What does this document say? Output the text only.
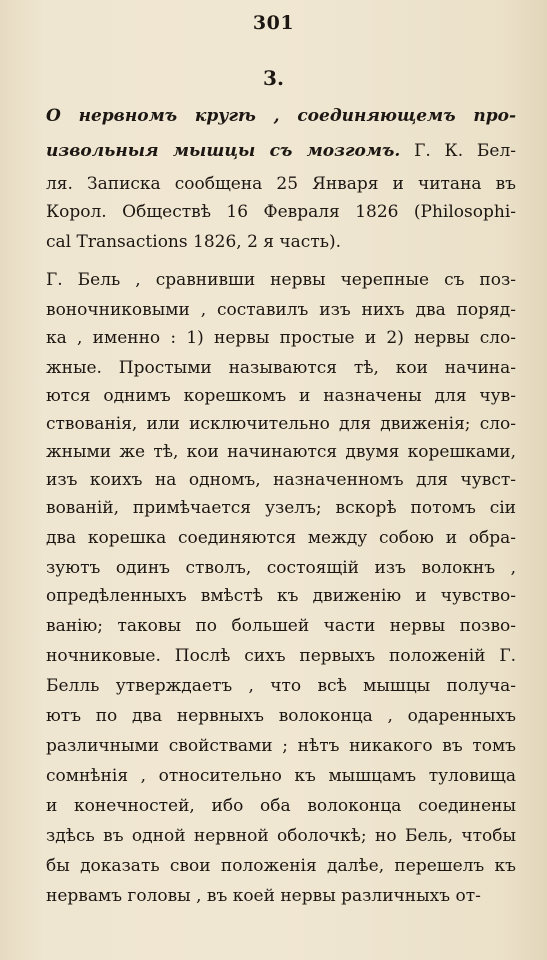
301
3.
О нервномъ кругѣ , соединяющемъ про-
извольныя мышцы съ мозгомъ. Г. К. Бел-
ля. Записка сообщена 25 Января и читана въ
Корол. Обществѣ 16 Февраля 1826 (Philosophi-
cal Transactions 1826, 2 я часть).
Г. Бель , сравнивши нервы черепные съ поз-
воночниковыми , составилъ изъ нихъ два поряд-
ка , именно : 1) нервы простые и 2) нервы сло-
жные. Простыми называются тѣ, кои начина-
ются однимъ корешкомъ и назначены для чув-
ствованія, или исключительно для движенія; сло-
жными же тѣ, кои начинаются двумя корешками,
изъ коихъ на одномъ, назначенномъ для чувст-
вованій, примѣчается узелъ; вскорѣ потомъ сіи
два корешка соединяются между собою и обра-
зуютъ одинъ стволъ, состоящій изъ волокнъ ,
опредѣленныхъ вмѣстѣ къ движенію и чувство-
ванію; таковы по большей части нервы позво-
ночниковые. Послѣ сихъ первыхъ положеній Г.
Белль утверждаетъ , что всѣ мышцы получа-
ютъ по два нервныхъ волоконца , одаренныхъ
различными свойствами ; нѣтъ никакого въ томъ
сомнѣнія , относительно къ мышцамъ туловища
и конечностей, ибо оба волоконца соединены
здѣсь въ одной нервной оболочкѣ; но Бель, чтобы
бы доказать свои положенія далѣе, перешелъ къ
нервамъ головы , въ коей нервы различныхъ от-
